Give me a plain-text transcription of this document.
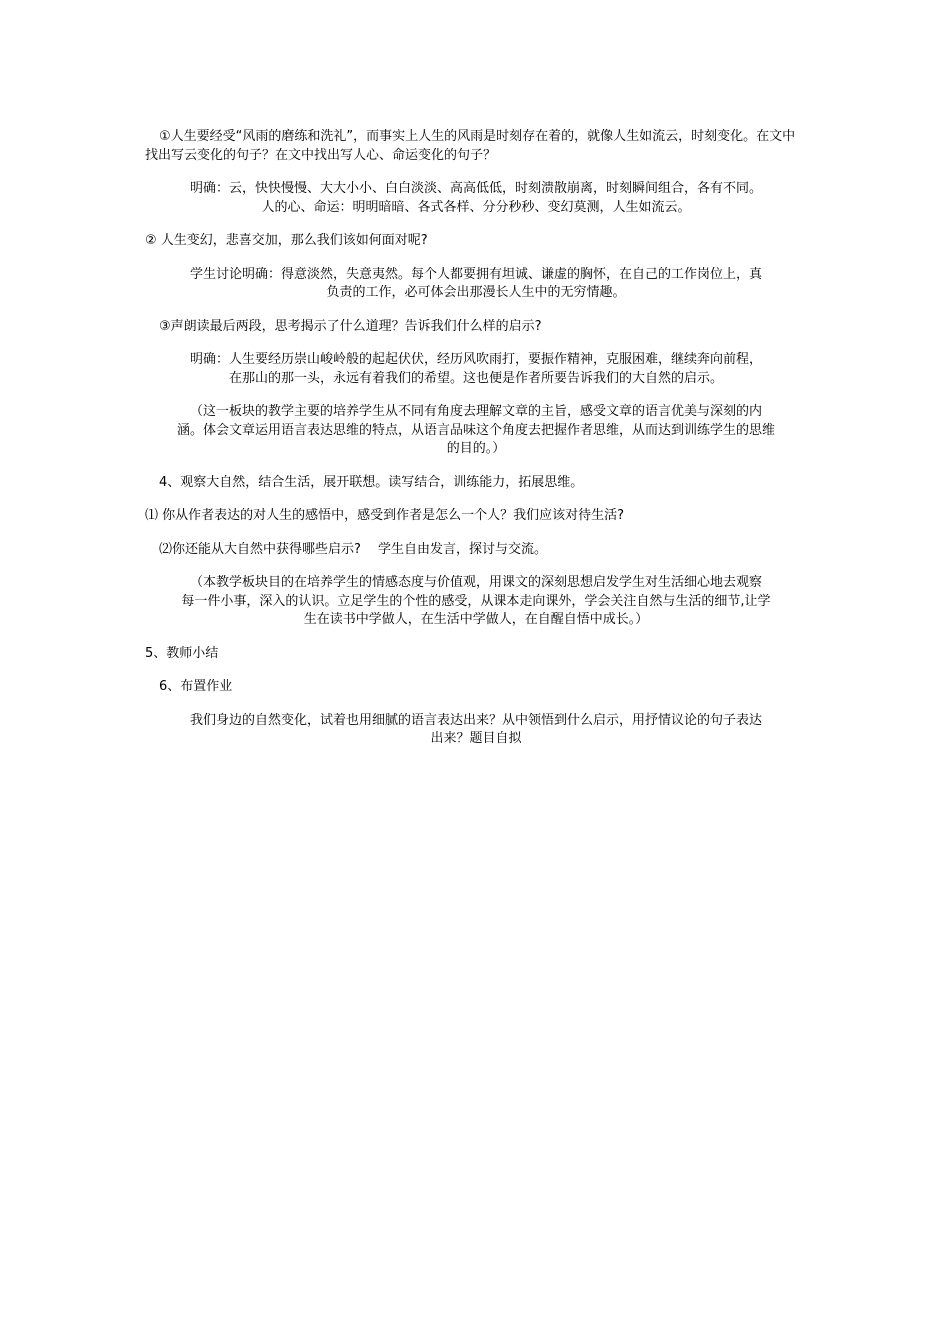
①人生要经受“风雨的磨练和洗礼”，而事实上人生的风雨是时刻存在着的，就像人生如流云，时刻变化。在文中找出写云变化的句子？在文中找出写人心、命运变化的句子？

明确：云，快快慢慢、大大小小、白白淡淡、高高低低，时刻溃散崩离，时刻瞬间组合，各有不同。

人的心、命运：明明暗暗、各式各样、分分秒秒、变幻莫测，人生如流云。

② 人生变幻，悲喜交加，那么我们该如何面对呢?

学生讨论明确：得意淡然，失意夷然。每个人都要拥有坦诚、谦虚的胸怀，在自己的工作岗位上，真

负责的工作，必可体会出那漫长人生中的无穷情趣。

③声朗读最后两段，思考揭示了什么道理？告诉我们什么样的启示?

明确：人生要经历崇山峻岭般的起起伏伏，经历风吹雨打，要振作精神，克服困难，继续奔向前程，

在那山的那一头，永远有着我们的希望。这也便是作者所要告诉我们的大自然的启示。

（这一板块的教学主要的培养学生从不同有角度去理解文章的主旨，感受文章的语言优美与深刻的内

涵。体会文章运用语言表达思维的特点，从语言品味这个角度去把握作者思维，从而达到训练学生的思维

的目的。）

4、观察大自然，结合生活，展开联想。读写结合，训练能力，拓展思维。

⑴ 你从作者表达的对人生的感悟中，感受到作者是怎么一个人？我们应该对待生活?

⑵你还能从大自然中获得哪些启示?　 学生自由发言，探讨与交流。

（本教学板块目的在培养学生的情感态度与价值观，用课文的深刻思想启发学生对生活细心地去观察

每一件小事，深入的认识。立足学生的个性的感受，从课本走向课外，学会关注自然与生活的细节,让学

生在读书中学做人，在生活中学做人，在自醒自悟中成长。）

5、教师小结

6、布置作业

我们身边的自然变化，试着也用细腻的语言表达出来？从中领悟到什么启示，用抒情议论的句子表达

出来？题目自拟
